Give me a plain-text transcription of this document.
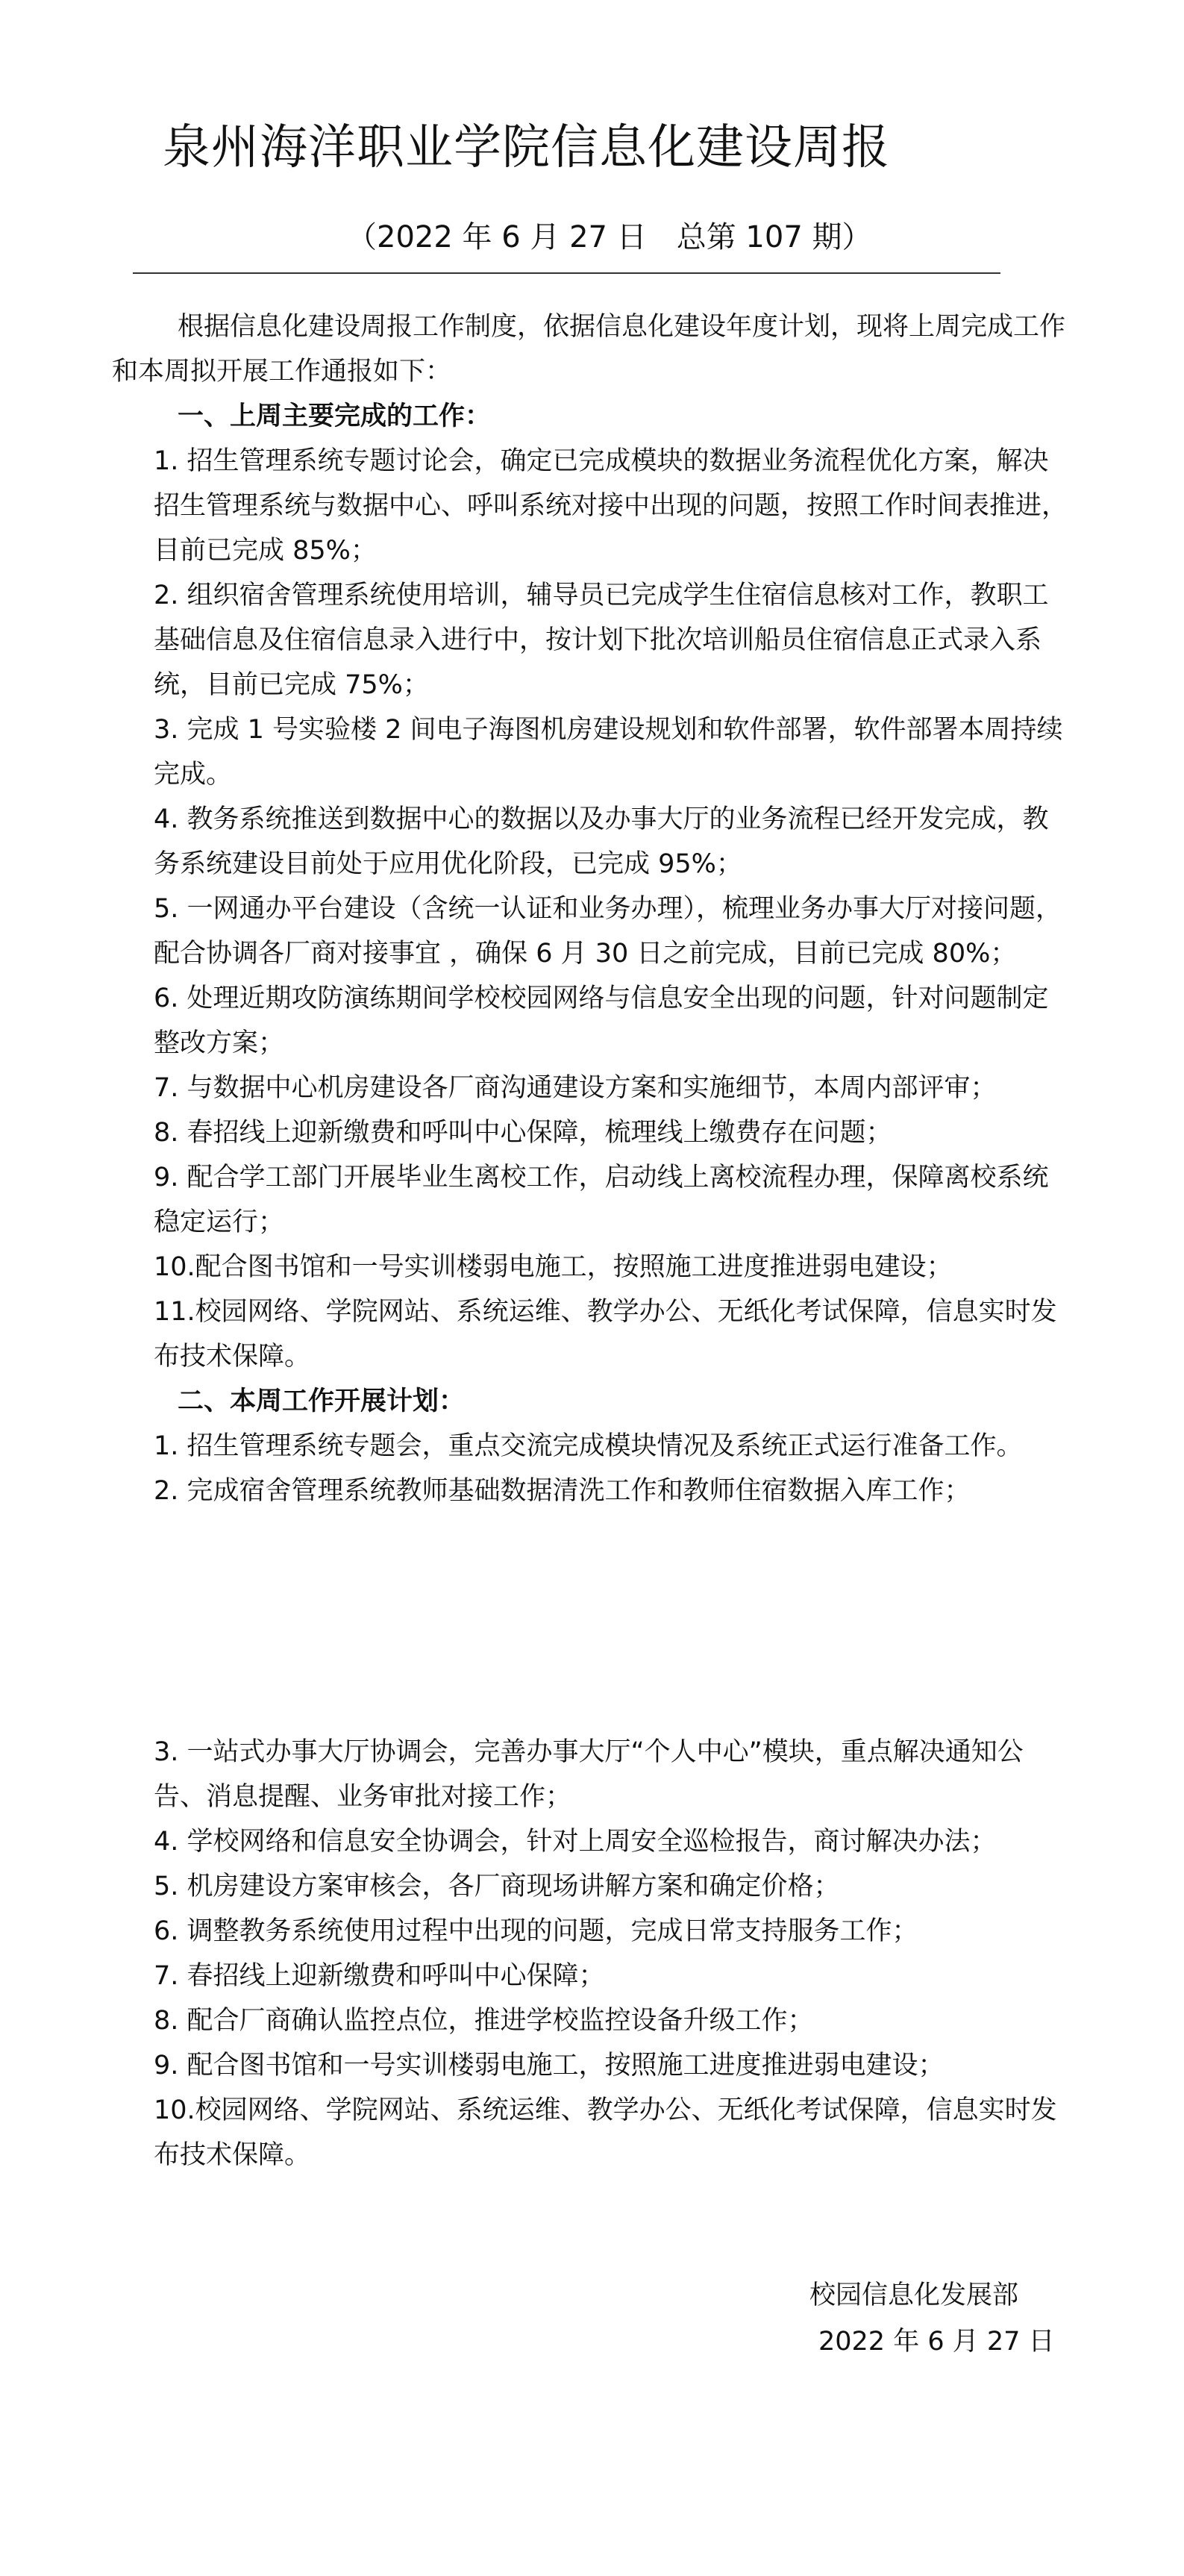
泉州海洋职业学院信息化建设周报
（2022 年 6 月 27 日　总第 107 期）

根据信息化建设周报工作制度，依据信息化建设年度计划，现将上周完成工作和本周拟开展工作通报如下：

一、上周主要完成的工作：

1. 招生管理系统专题讨论会，确定已完成模块的数据业务流程优化方案，解决招生管理系统与数据中心、呼叫系统对接中出现的问题，按照工作时间表推进，目前已完成 85%；

2. 组织宿舍管理系统使用培训，辅导员已完成学生住宿信息核对工作，教职工基础信息及住宿信息录入进行中，按计划下批次培训船员住宿信息正式录入系统，目前已完成 75%；

3. 完成 1 号实验楼 2 间电子海图机房建设规划和软件部署，软件部署本周持续完成。

4. 教务系统推送到数据中心的数据以及办事大厅的业务流程已经开发完成，教务系统建设目前处于应用优化阶段，已完成 95%；

5. 一网通办平台建设（含统一认证和业务办理），梳理业务办事大厅对接问题，配合协调各厂商对接事宜 ，确保 6 月 30 日之前完成，目前已完成 80%；

6. 处理近期攻防演练期间学校校园网络与信息安全出现的问题，针对问题制定整改方案；

7. 与数据中心机房建设各厂商沟通建设方案和实施细节，本周内部评审；

8. 春招线上迎新缴费和呼叫中心保障，梳理线上缴费存在问题；

9. 配合学工部门开展毕业生离校工作，启动线上离校流程办理，保障离校系统稳定运行；

10.配合图书馆和一号实训楼弱电施工，按照施工进度推进弱电建设；

11.校园网络、学院网站、系统运维、教学办公、无纸化考试保障，信息实时发布技术保障。

二、本周工作开展计划：

1. 招生管理系统专题会，重点交流完成模块情况及系统正式运行准备工作。

2. 完成宿舍管理系统教师基础数据清洗工作和教师住宿数据入库工作；

3. 一站式办事大厅协调会，完善办事大厅“个人中心”模块，重点解决通知公告、消息提醒、业务审批对接工作；

4. 学校网络和信息安全协调会，针对上周安全巡检报告，商讨解决办法；

5. 机房建设方案审核会，各厂商现场讲解方案和确定价格；

6. 调整教务系统使用过程中出现的问题，完成日常支持服务工作；

7. 春招线上迎新缴费和呼叫中心保障；

8. 配合厂商确认监控点位，推进学校监控设备升级工作；

9. 配合图书馆和一号实训楼弱电施工，按照施工进度推进弱电建设；

10.校园网络、学院网站、系统运维、教学办公、无纸化考试保障，信息实时发布技术保障。

校园信息化发展部
2022 年 6 月 27 日
